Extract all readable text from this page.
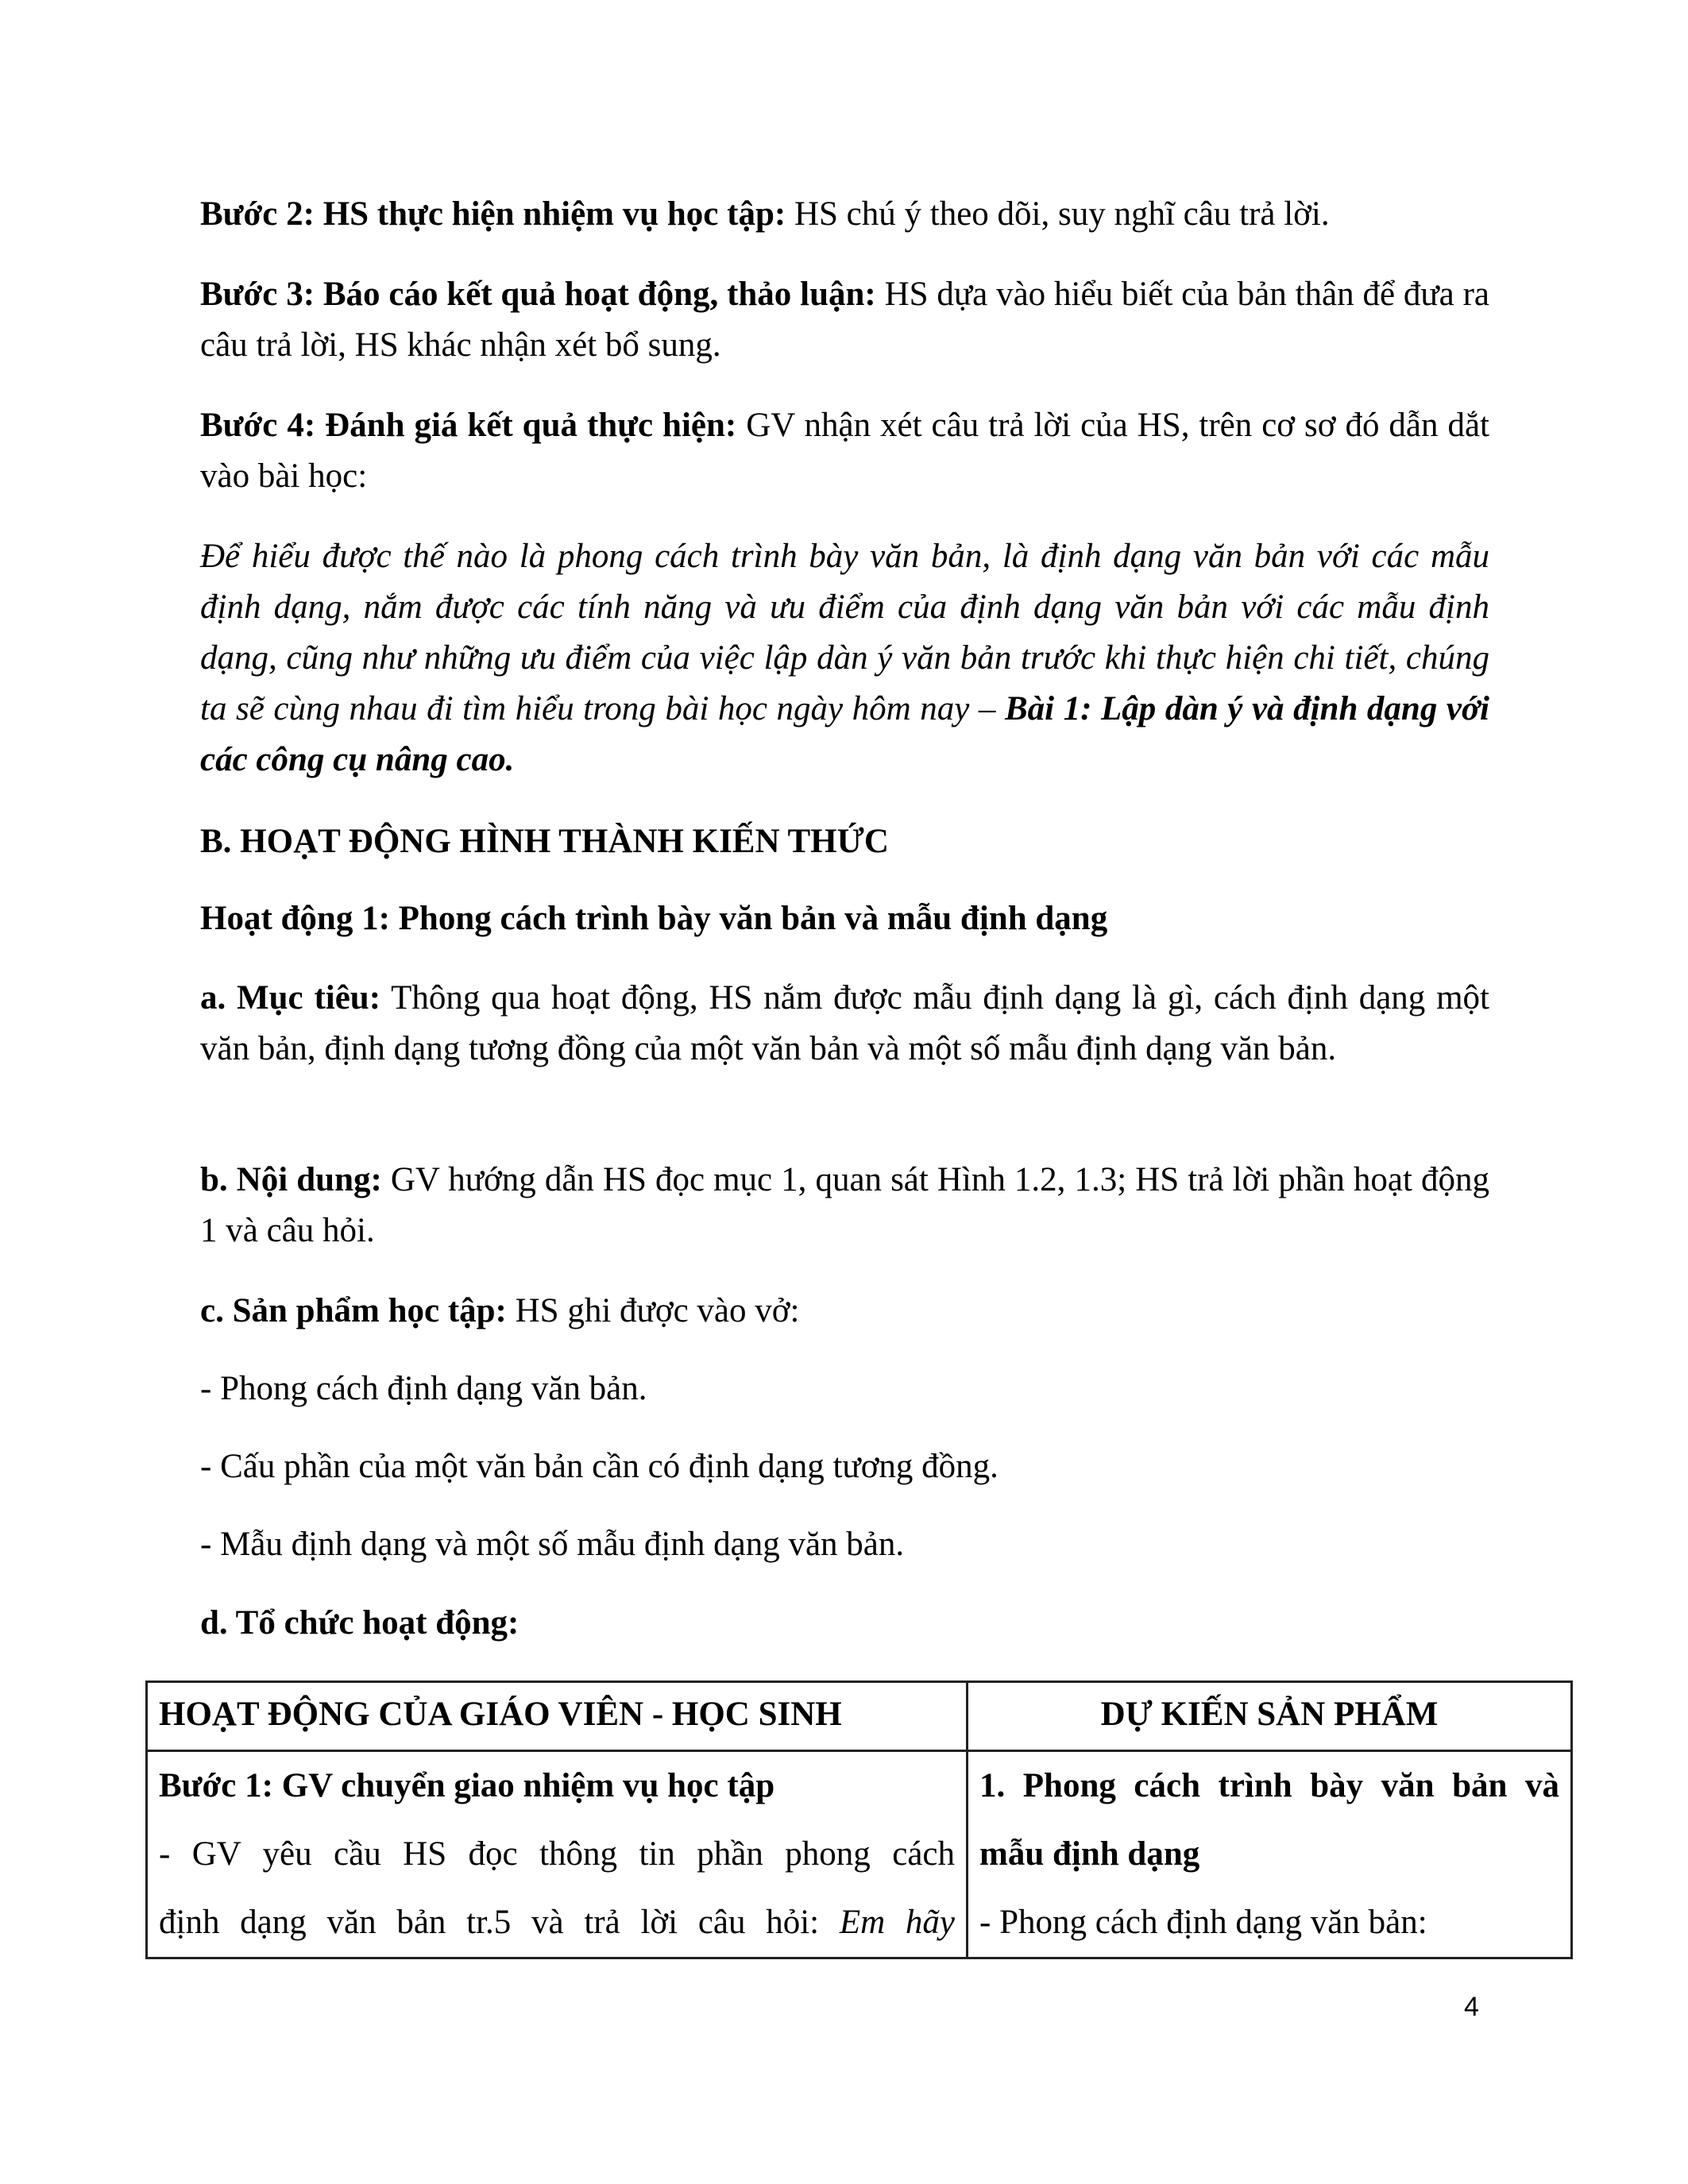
Bước 2: HS thực hiện nhiệm vụ học tập: HS chú ý theo dõi, suy nghĩ câu trả lời.

Bước 3: Báo cáo kết quả hoạt động, thảo luận: HS dựa vào hiểu biết của bản thân để đưa ra câu trả lời, HS khác nhận xét bổ sung.

Bước 4: Đánh giá kết quả thực hiện: GV nhận xét câu trả lời của HS, trên cơ sơ đó dẫn dắt vào bài học:

Để hiểu được thế nào là phong cách trình bày văn bản, là định dạng văn bản với các mẫu định dạng, nắm được các tính năng và ưu điểm của định dạng văn bản với các mẫu định dạng, cũng như những ưu điểm của việc lập dàn ý văn bản trước khi thực hiện chi tiết, chúng ta sẽ cùng nhau đi tìm hiểu trong bài học ngày hôm nay – Bài 1: Lập dàn ý và định dạng với các công cụ nâng cao.

B. HOẠT ĐỘNG HÌNH THÀNH KIẾN THỨC

Hoạt động 1: Phong cách trình bày văn bản và mẫu định dạng

a. Mục tiêu: Thông qua hoạt động, HS nắm được mẫu định dạng là gì, cách định dạng một văn bản, định dạng tương đồng của một văn bản và một số mẫu định dạng văn bản.

b. Nội dung: GV hướng dẫn HS đọc mục 1, quan sát Hình 1.2, 1.3; HS trả lời phần hoạt động 1 và câu hỏi.

c. Sản phẩm học tập: HS ghi được vào vở:

- Phong cách định dạng văn bản.

- Cấu phần của một văn bản cần có định dạng tương đồng.

- Mẫu định dạng và một số mẫu định dạng văn bản.

d. Tổ chức hoạt động:

HOẠT ĐỘNG CỦA GIÁO VIÊN - HỌC SINH	DỰ KIẾN SẢN PHẨM

Bước 1: GV chuyển giao nhiệm vụ học tập
- GV yêu cầu HS đọc thông tin phần phong cách
định dạng văn bản tr.5 và trả lời câu hỏi: Em hãy	1. Phong cách trình bày văn bản và
mẫu định dạng
- Phong cách định dạng văn bản:
4
